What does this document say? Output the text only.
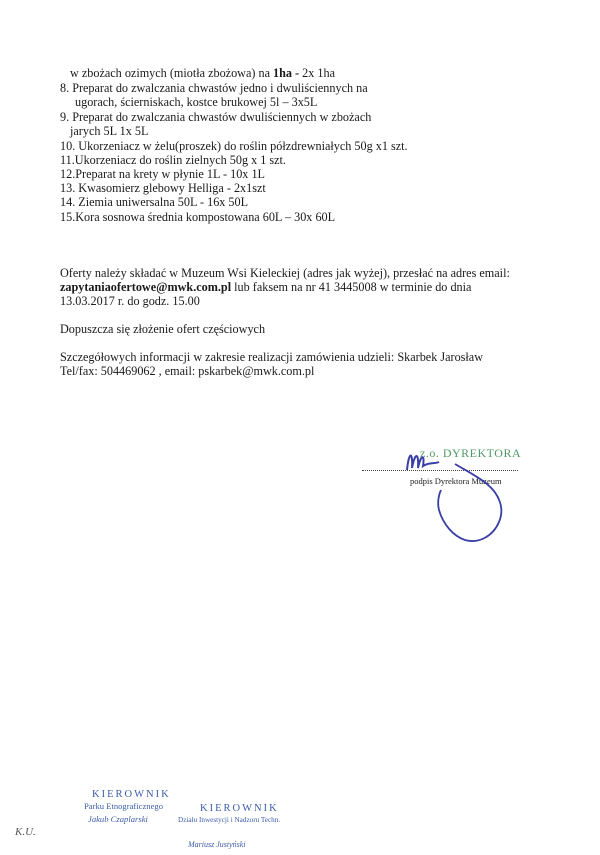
w zbożach ozimych (miotła zbożowa) na 1ha - 2x 1ha
8. Preparat do zwalczania chwastów jedno i dwuliściennych na
ugorach, ścierniskach, kostce brukowej 5l – 3x5L
9. Preparat do zwalczania chwastów dwuliściennych w zbożach
jarych 5L 1x 5L
10. Ukorzeniacz w żelu(proszek) do roślin półzdrewniałych 50g x1 szt.
11.Ukorzeniacz do roślin zielnych 50g x 1 szt.
12.Preparat na krety w płynie 1L - 10x 1L
13. Kwasomierz glebowy Helliga - 2x1szt
14. Ziemia uniwersalna 50L - 16x 50L
15.Kora sosnowa średnia kompostowana 60L – 30x 60L
Oferty należy składać w Muzeum Wsi Kieleckiej (adres jak wyżej), przesłać na adres email:
zapytaniaofertowe@mwk.com.pl lub faksem na nr 41 3445008 w terminie do dnia
13.03.2017 r. do godz. 15.00
Dopuszcza się złożenie ofert częściowych
Szczegółowych informacji w zakresie realizacji zamówienia udzieli: Skarbek Jarosław
Tel/fax: 504469062 , email: pskarbek@mwk.com.pl
z.o. DYREKTORA
podpis Dyrektora Muzeum
KIEROWNIK
Parku Etnograficznego
Jakub Czaplarski
KIEROWNIK
Działu Inwestycji i Nadzoru Techn.
Mariusz Justyński
K.U.
